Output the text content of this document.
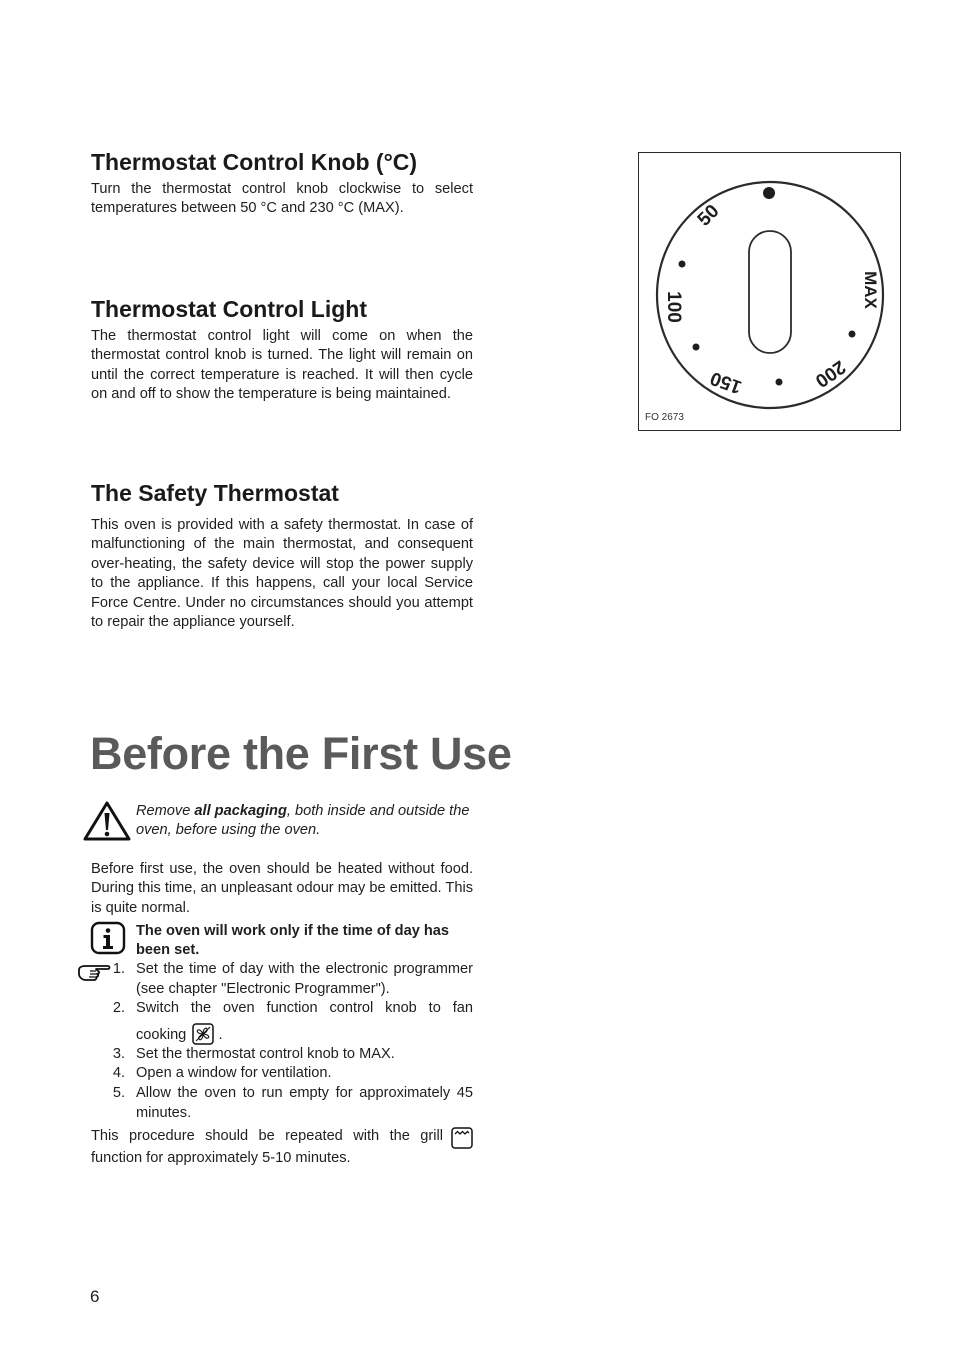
Thermostat Control Knob (°C)

Turn the thermostat control knob clockwise to select temperatures between 50 °C and 230 °C (MAX).

Thermostat Control Light

The thermostat control light will come on when the thermostat control knob is turned. The light will remain on until the correct temperature is reached. It will then cycle on and off to show the temperature is being maintained.

The Safety Thermostat

This oven is provided with a safety thermostat. In case of malfunctioning of the main thermostat, and consequent over-heating, the safety device will stop the power supply to the appliance. If this happens, call your local Service Force Centre. Under no circumstances should you attempt to repair the appliance yourself.

50
100
150	200
MAX
FO 2673
Before the First Use

Remove all packaging, both inside and outside the oven, before using the oven.

Before first use, the oven should be heated without food. During this time, an unpleasant odour may be emitted. This is quite normal.

The oven will work only if the time of day has been set.

1. Set the time of day with the electronic programmer (see chapter "Electronic Programmer").
2. Switch the oven function control knob to fan
cooking .
3. Set the thermostat control knob to MAX.
4. Open a window for ventilation.
5. Allow the oven to run empty for approximately 45 minutes.
This procedure should be repeated with the grill
function for approximately 5-10 minutes.
6
